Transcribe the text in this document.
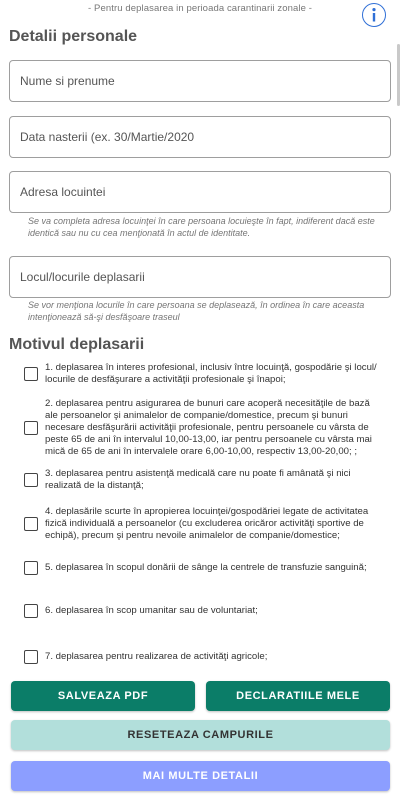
- Pentru deplasarea in perioada carantinarii zonale -
Detalii personale
Nume si prenume
Data nasterii (ex. 30/Martie/2020
Adresa locuintei
Se va completa adresa locuinţei în care persoana locuieşte în fapt, indiferent dacă este identică sau nu cu cea menţionată în actul de identitate.
Locul/locurile deplasarii
Se vor menţiona locurile în care persoana se deplasează, în ordinea în care aceasta intenţionează să-şi desfăşoare traseul
Motivul deplasarii
1. deplasarea în interes profesional, inclusiv între locuinţă, gospodărie şi locul/ locurile de desfăşurare a activităţii profesionale şi înapoi;
2. deplasarea pentru asigurarea de bunuri care acoperă necesităţile de bază ale persoanelor şi animalelor de companie/domestice, precum şi bunuri necesare desfăşurării activităţii profesionale, pentru persoanele cu vârsta de peste 65 de ani în intervalul 10,00-13,00, iar pentru persoanele cu vârsta mai mică de 65 de ani în intervalele orare 6,00-10,00, respectiv 13,00-20,00; ;
3. deplasarea pentru asistenţă medicală care nu poate fi amânată şi nici realizată de la distanţă;
4. deplasările scurte în apropierea locuinţei/gospodăriei legate de activitatea fizică individuală a persoanelor (cu excluderea oricăror activităţi sportive de echipă), precum şi pentru nevoile animalelor de companie/domestice;
5. deplasarea în scopul donării de sânge la centrele de transfuzie sanguină;
6. deplasarea în scop umanitar sau de voluntariat;
7. deplasarea pentru realizarea de activităţi agricole;
SALVEAZA PDF	DECLARATIILE MELE
RESETEAZA CAMPURILE
MAI MULTE DETALII
